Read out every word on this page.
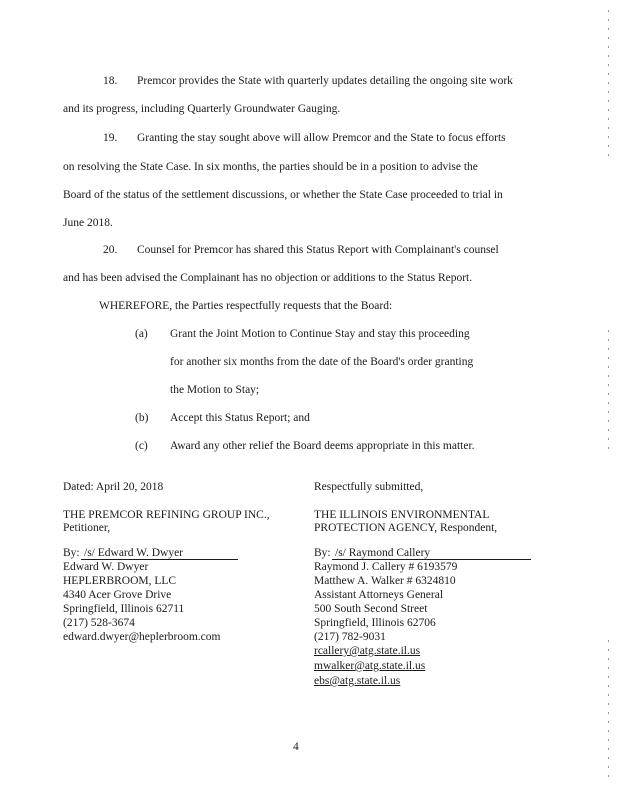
18. Premcor provides the State with quarterly updates detailing the ongoing site work
and its progress, including Quarterly Groundwater Gauging.
19. Granting the stay sought above will allow Premcor and the State to focus efforts
on resolving the State Case. In six months, the parties should be in a position to advise the
Board of the status of the settlement discussions, or whether the State Case proceeded to trial in
June 2018.
20. Counsel for Premcor has shared this Status Report with Complainant's counsel
and has been advised the Complainant has no objection or additions to the Status Report.
WHEREFORE, the Parties respectfully requests that the Board:
(a) Grant the Joint Motion to Continue Stay and stay this proceeding
for another six months from the date of the Board's order granting
the Motion to Stay;
(b) Accept this Status Report; and
(c) Award any other relief the Board deems appropriate in this matter.
Dated: April 20, 2018	Respectfully submitted,
THE PREMCOR REFINING GROUP INC.,
Petitioner,
By: /s/ Edward W. Dwyer
Edward W. Dwyer
HEPLERBROOM, LLC
4340 Acer Grove Drive
Springfield, Illinois 62711
(217) 528-3674
edward.dwyer@heplerbroom.com
THE ILLINOIS ENVIRONMENTAL
PROTECTION AGENCY, Respondent,
By: /s/ Raymond Callery
Raymond J. Callery # 6193579
Matthew A. Walker # 6324810
Assistant Attorneys General
500 South Second Street
Springfield, Illinois 62706
(217) 782-9031
rcallery@atg.state.il.us
mwalker@atg.state.il.us
ebs@atg.state.il.us
4
